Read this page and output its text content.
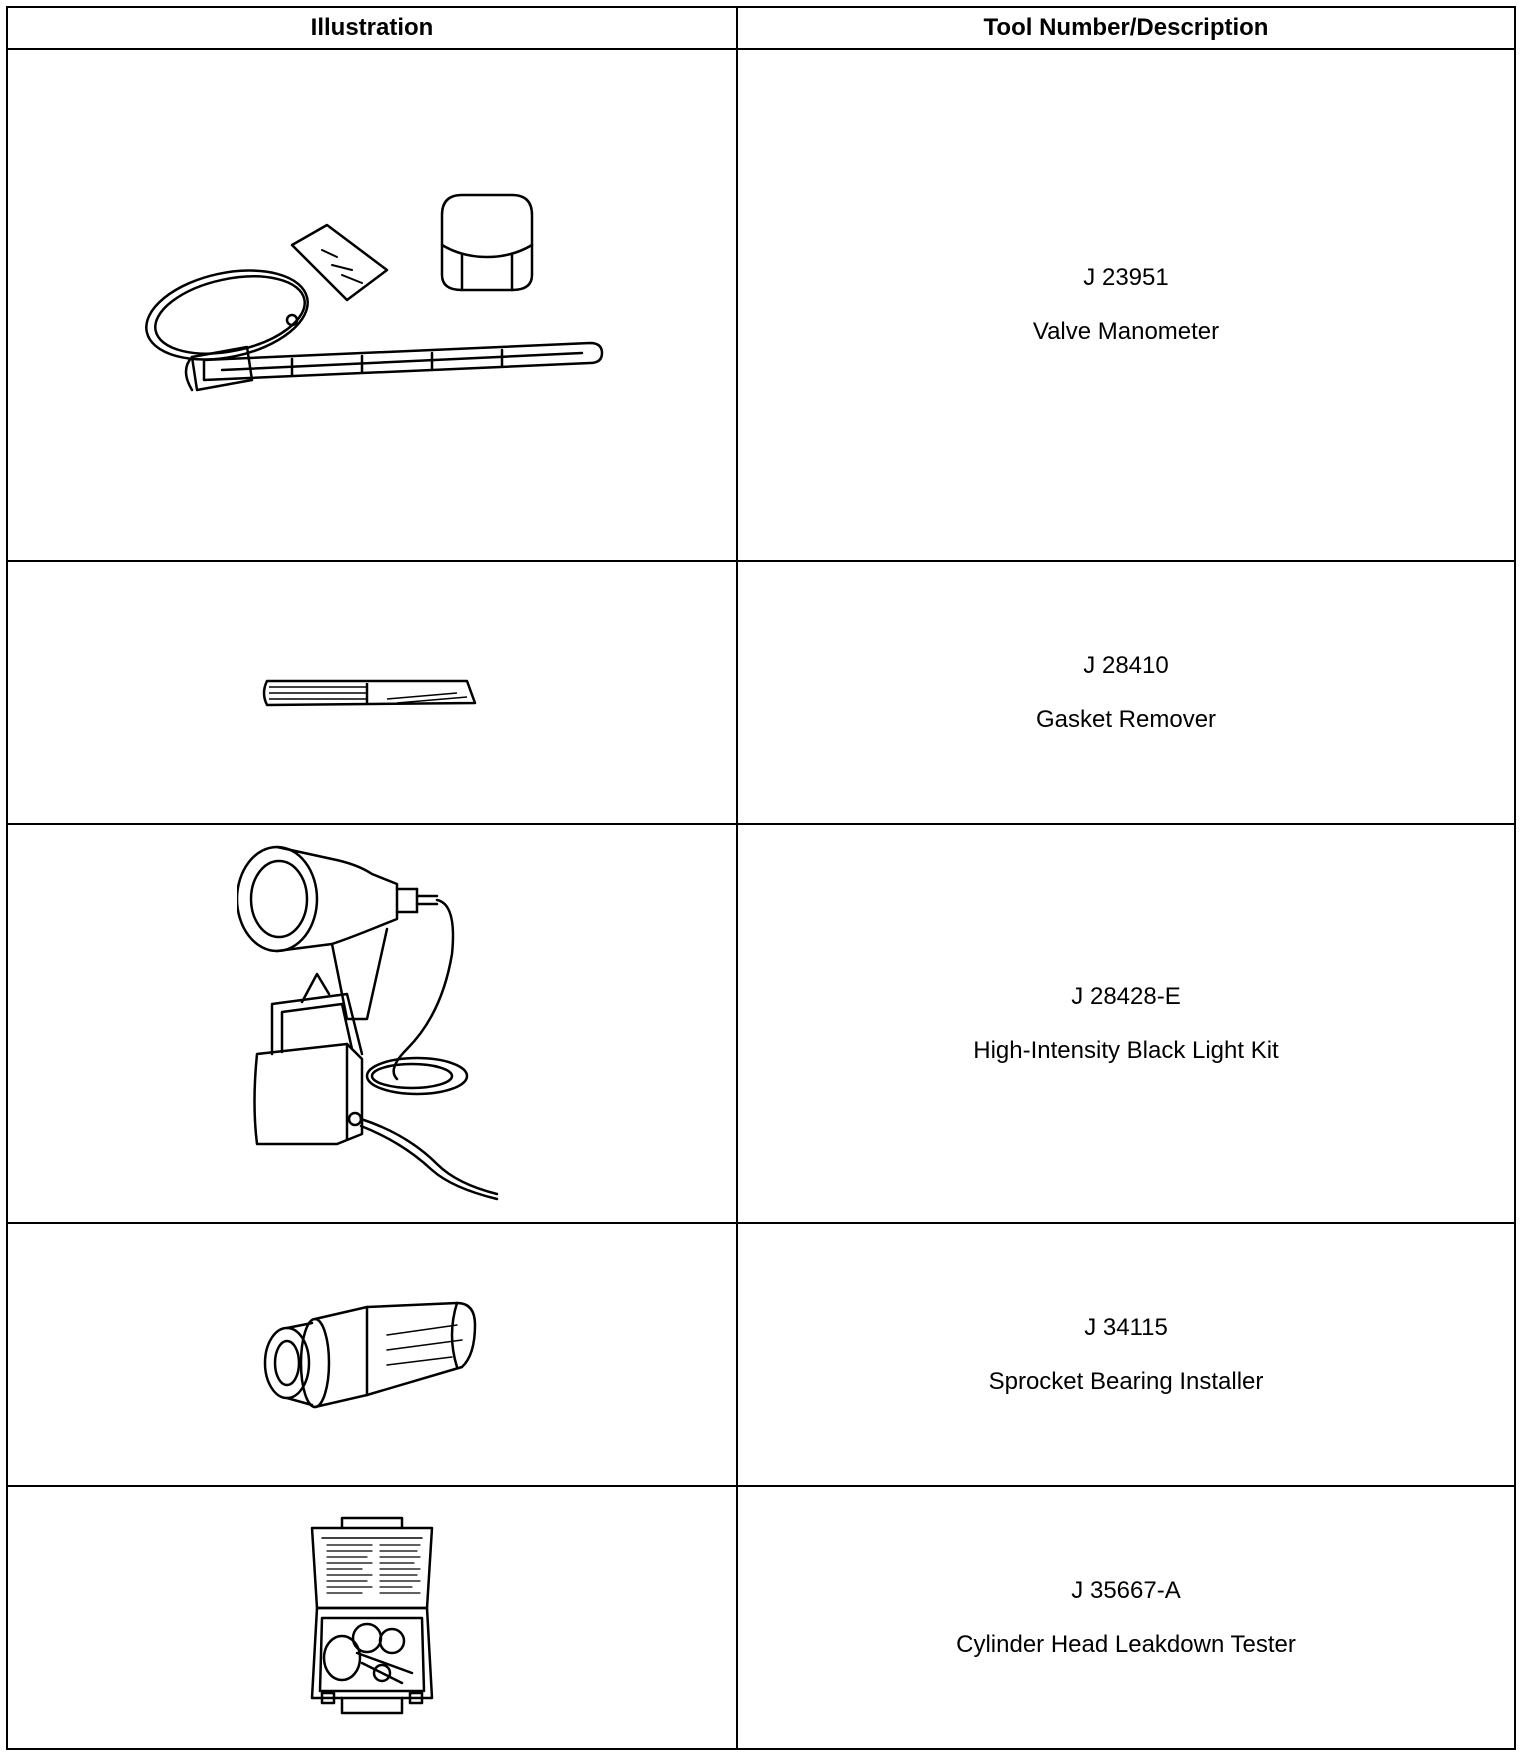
Illustration	Tool Number/Description

J 23951
Valve Manometer

J 28410
Gasket Remover

J 28428-E
High-Intensity Black Light Kit

J 34115
Sprocket Bearing Installer

J 35667-A
Cylinder Head Leakdown Tester
